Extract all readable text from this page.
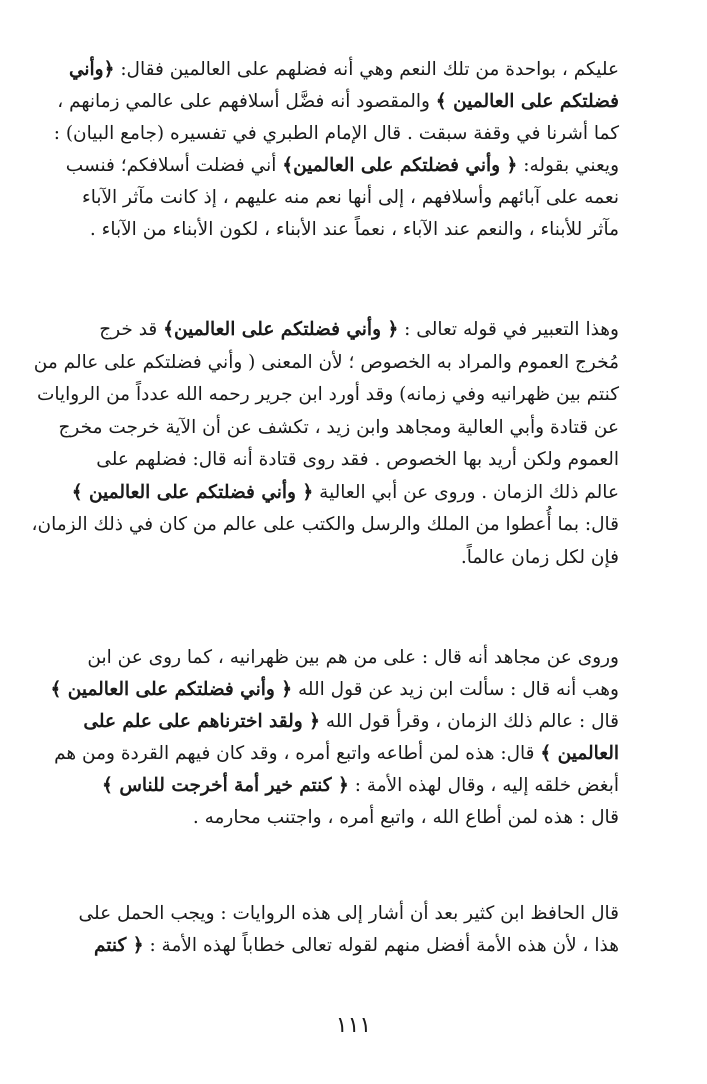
عليكم ، بواحدة من تلك النعم وهي أنه فضلهم على العالمين فقال: ﴿وأني

فضلتكم على العالمين ﴾ والمقصود أنه فضَّل أسلافهم على عالمي زمانهم ،

كما أشرنا في وقفة سبقت . قال الإمام الطبري في تفسيره (جامع البيان) :

ويعني بقوله: ﴿ وأني فضلتكم على العالمين﴾ أني فضلت أسلافكم؛ فنسب

نعمه على آبائهم وأسلافهم ، إلى أنها نعم منه عليهم ، إذ كانت مآثر الآباء

مآثر للأبناء ، والنعم عند الآباء ، نعماً عند الأبناء ، لكون الأبناء من الآباء .

وهذا التعبير في قوله تعالى : ﴿ وأني فضلتكم على العالمين﴾ قد خرج

مُخرج العموم والمراد به الخصوص ؛ لأن المعنى ( وأني فضلتكم على عالم من

كنتم بين ظهرانيه وفي زمانه) وقد أورد ابن جرير رحمه الله عدداً من الروايات

عن قتادة وأبي العالية ومجاهد وابن زيد ، تكشف عن أن الآية خرجت مخرج

العموم ولكن أريد بها الخصوص . فقد روى قتادة أنه قال: فضلهم على

عالم ذلك الزمان . وروى عن أبي العالية ﴿ وأني فضلتكم على العالمين ﴾

قال: بما أُعطوا من الملك والرسل والكتب على عالم من كان في ذلك الزمان،

فإن لكل زمان عالماً.

وروى عن مجاهد أنه قال : على من هم بين ظهرانيه ، كما روى عن ابن

وهب أنه قال : سألت ابن زيد عن قول الله ﴿ وأني فضلتكم على العالمين ﴾

قال : عالم ذلك الزمان ، وقرأ قول الله ﴿ ولقد اخترناهم على علم على

العالمين ﴾ قال: هذه لمن أطاعه واتبع أمره ، وقد كان فيهم القردة ومن هم

أبغض خلقه إليه ، وقال لهذه الأمة : ﴿ كنتم خير أمة أخرجت للناس ﴾

قال : هذه لمن أطاع الله ، واتبع أمره ، واجتنب محارمه .

قال الحافظ ابن كثير بعد أن أشار إلى هذه الروايات : ويجب الحمل على

هذا ، لأن هذه الأمة أفضل منهم لقوله تعالى خطاباً لهذه الأمة : ﴿ كنتم

١١١
